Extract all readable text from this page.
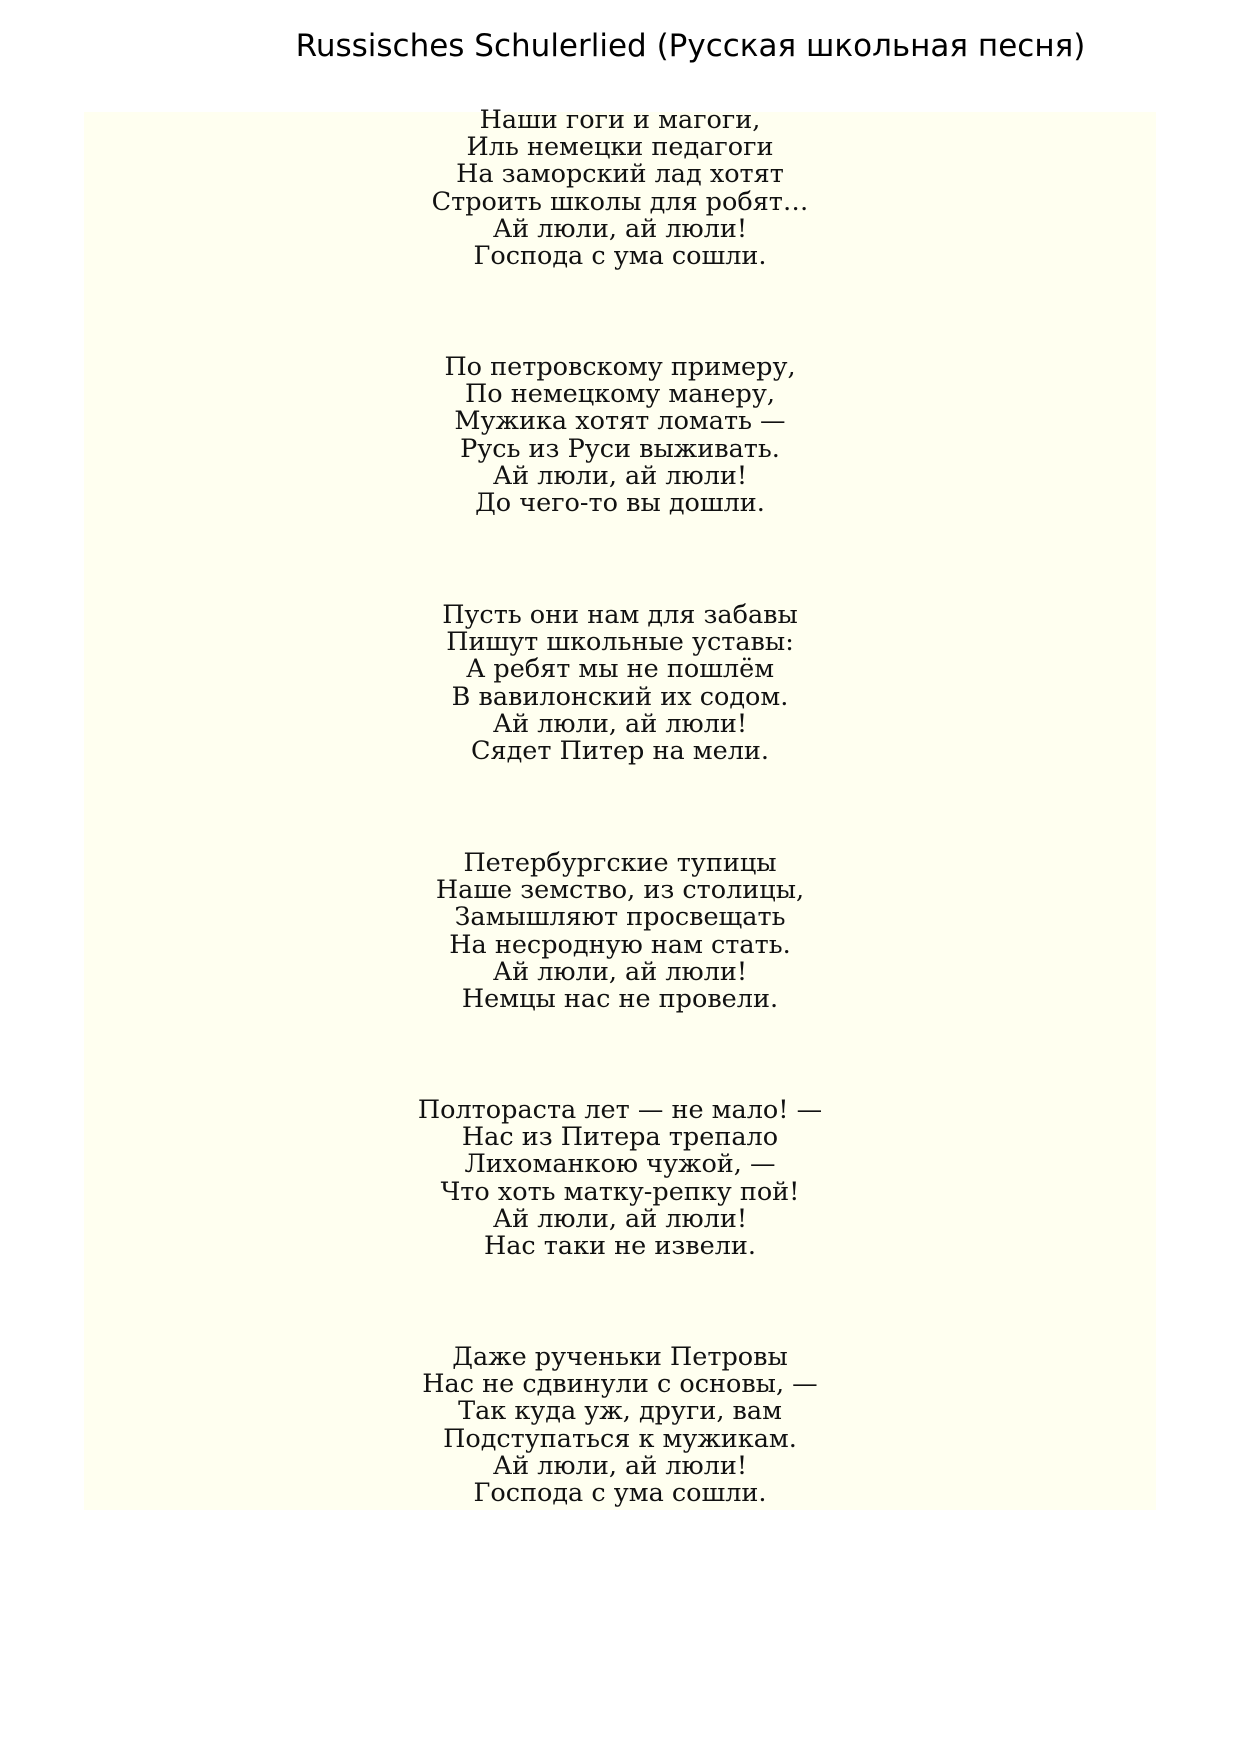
Russisches Schulerlied (Русская школьная песня)
Наши гоги и магоги,
Иль немецки педагоги
На заморский лад хотят
Строить школы для робят…
Ай люли, ай люли!
Господа с ума сошли.
По петровскому примеру,
По немецкому манеру,
Мужика хотят ломать —
Русь из Руси выживать.
Ай люли, ай люли!
До чего-то вы дошли.
Пусть они нам для забавы
Пишут школьные уставы:
А ребят мы не пошлём
В вавилонский их содом.
Ай люли, ай люли!
Сядет Питер на мели.
Петербургские тупицы
Наше земство, из столицы,
Замышляют просвещать
На несродную нам стать.
Ай люли, ай люли!
Немцы нас не провели.
Полтораста лет — не мало! —
Нас из Питера трепало
Лихоманкою чужой, —
Что хоть матку-репку пой!
Ай люли, ай люли!
Нас таки не извели.
Даже рученьки Петровы
Нас не сдвинули с основы, —
Так куда уж, други, вам
Подступаться к мужикам.
Ай люли, ай люли!
Господа с ума сошли.
